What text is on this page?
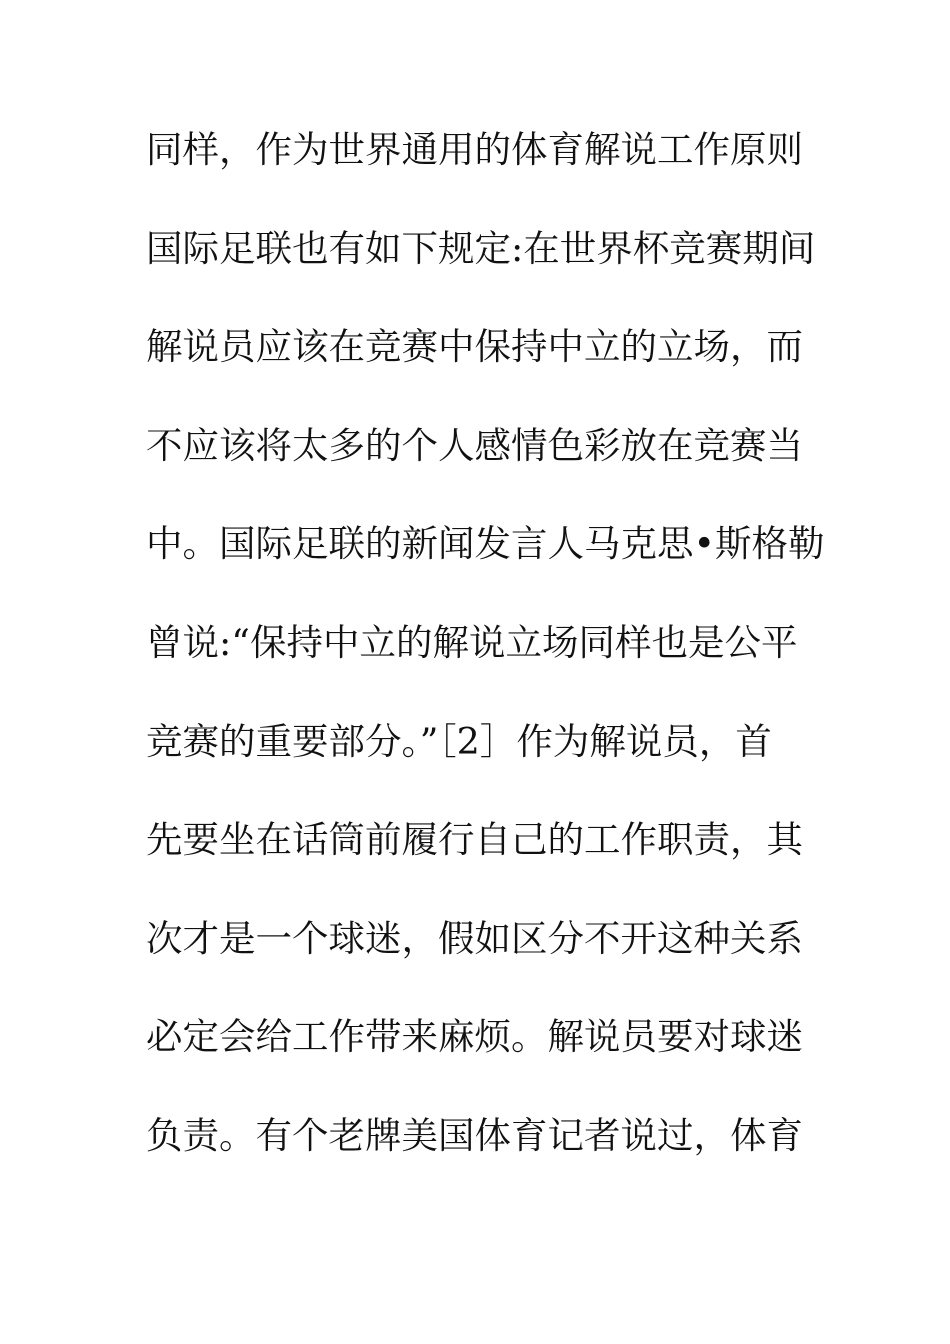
同样，作为世界通用的体育解说工作原则
国际足联也有如下规定:在世界杯竞赛期间
解说员应该在竞赛中保持中立的立场，而
不应该将太多的个人感情色彩放在竞赛当
中。国际足联的新闻发言人马克思•斯格勒
曾说:“保持中立的解说立场同样也是公平
竞赛的重要部分。”［2］作为解说员，首
先要坐在话筒前履行自己的工作职责，其
次才是一个球迷，假如区分不开这种关系
必定会给工作带来麻烦。解说员要对球迷
负责。有个老牌美国体育记者说过，体育
